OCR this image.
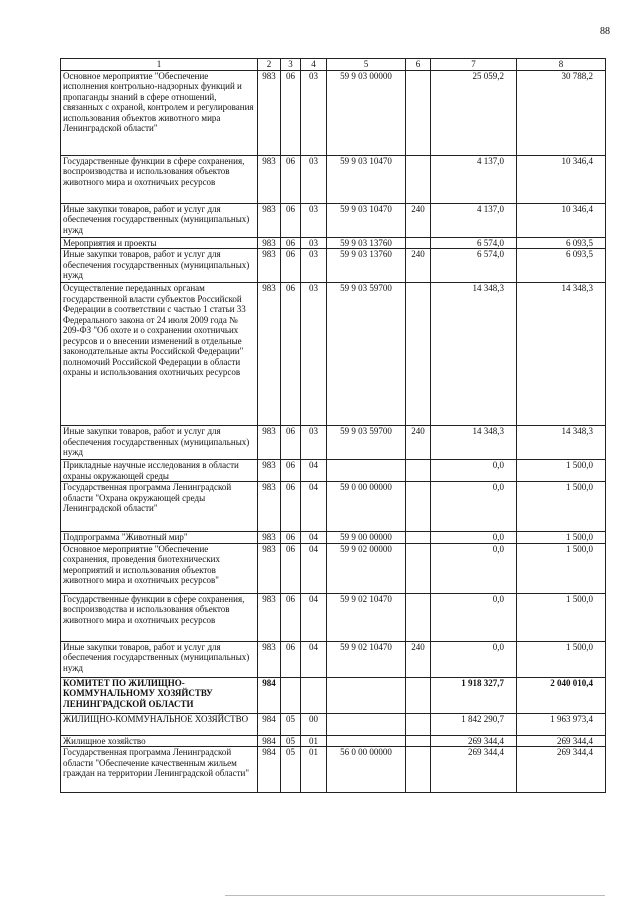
88
1	2	3	4	5	6	7	8
Основное мероприятие "Обеспечение исполнения контрольно-надзорных функций и пропаганды знаний в сфере отношений, связанных с охраной, контролем и регулирования использования объектов животного мира Ленинградской области"	983	06	03	59 9 03 00000		25 059,2	30 788,2
Государственные функции в сфере сохранения, воспроизводства и использования объектов животного мира и охотничьих ресурсов	983	06	03	59 9 03 10470		4 137,0	10 346,4
Иные закупки товаров, работ и услуг для обеспечения государственных (муниципальных) нужд	983	06	03	59 9 03 10470	240	4 137,0	10 346,4
Мероприятия и проекты	983	06	03	59 9 03 13760		6 574,0	6 093,5
Иные закупки товаров, работ и услуг для обеспечения государственных (муниципальных) нужд	983	06	03	59 9 03 13760	240	6 574,0	6 093,5
Осуществление переданных органам государственной власти субъектов Российской Федерации в соответствии с частью 1 статьи 33 Федерального закона от 24 июля 2009 года № 209-ФЗ "Об охоте и о сохранении охотничьих ресурсов и о внесении изменений в отдельные законодательные акты Российской Федерации" полномочий Российской Федерации в области охраны и использования охотничьих ресурсов	983	06	03	59 9 03 59700		14 348,3	14 348,3
Иные закупки товаров, работ и услуг для обеспечения государственных (муниципальных) нужд	983	06	03	59 9 03 59700	240	14 348,3	14 348,3
Прикладные научные исследования в области охраны окружающей среды	983	06	04			0,0	1 500,0
Государственная программа Ленинградской области "Охрана окружающей среды Ленинградской области"	983	06	04	59 0 00 00000		0,0	1 500,0
Подпрограмма "Животный мир"	983	06	04	59 9 00 00000		0,0	1 500,0
Основное мероприятие "Обеспечение сохранения, проведения биотехнических мероприятий и использования объектов животного мира и охотничьих ресурсов"	983	06	04	59 9 02 00000		0,0	1 500,0
Государственные функции в сфере сохранения, воспроизводства и использования объектов животного мира и охотничьих ресурсов	983	06	04	59 9 02 10470		0,0	1 500,0
Иные закупки товаров, работ и услуг для обеспечения государственных (муниципальных) нужд	983	06	04	59 9 02 10470	240	0,0	1 500,0
КОМИТЕТ ПО ЖИЛИЩНО-КОММУНАЛЬНОМУ ХОЗЯЙСТВУ ЛЕНИНГРАДСКОЙ ОБЛАСТИ	984					1 918 327,7	2 040 010,4
ЖИЛИЩНО-КОММУНАЛЬНОЕ ХОЗЯЙСТВО	984	05	00			1 842 290,7	1 963 973,4
Жилищное хозяйство	984	05	01			269 344,4	269 344,4
Государственная программа Ленинградской области "Обеспечение качественным жильем граждан на территории Ленинградской области"	984	05	01	56 0 00 00000		269 344,4	269 344,4
